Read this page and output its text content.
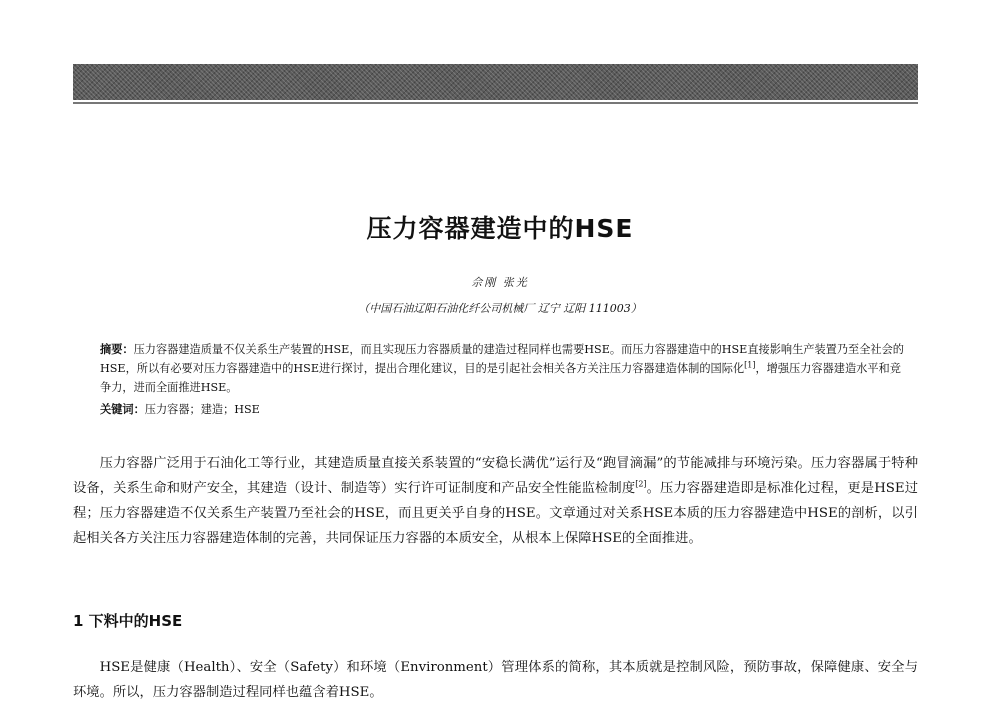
压力容器建造中的HSE
佘刚 张光
（中国石油辽阳石油化纤公司机械厂 辽宁 辽阳 111003）
摘要：压力容器建造质量不仅关系生产装置的HSE，而且实现压力容器质量的建造过程同样也需要HSE。而压力容器建造中的HSE直接影响生产装置乃至全社会的HSE，所以有必要对压力容器建造中的HSE进行探讨，提出合理化建议，目的是引起社会相关各方关注压力容器建造体制的国际化[1]，增强压力容器建造水平和竞争力，进而全面推进HSE。
关键词：压力容器；建造；HSE

压力容器广泛用于石油化工等行业，其建造质量直接关系装置的“安稳长满优”运行及“跑冒滴漏”的节能减排与环境污染。压力容器属于特种设备，关系生命和财产安全，其建造（设计、制造等）实行许可证制度和产品安全性能监检制度[2]。压力容器建造即是标准化过程，更是HSE过程；压力容器建造不仅关系生产装置乃至社会的HSE，而且更关乎自身的HSE。文章通过对关系HSE本质的压力容器建造中HSE的剖析，以引起相关各方关注压力容器建造体制的完善，共同保证压力容器的本质安全，从根本上保障HSE的全面推进。

1 下料中的HSE

HSE是健康（Health）、安全（Safety）和环境（Environment）管理体系的简称，其本质就是控制风险，预防事故，保障健康、安全与环境。所以，压力容器制造过程同样也蕴含着HSE。
